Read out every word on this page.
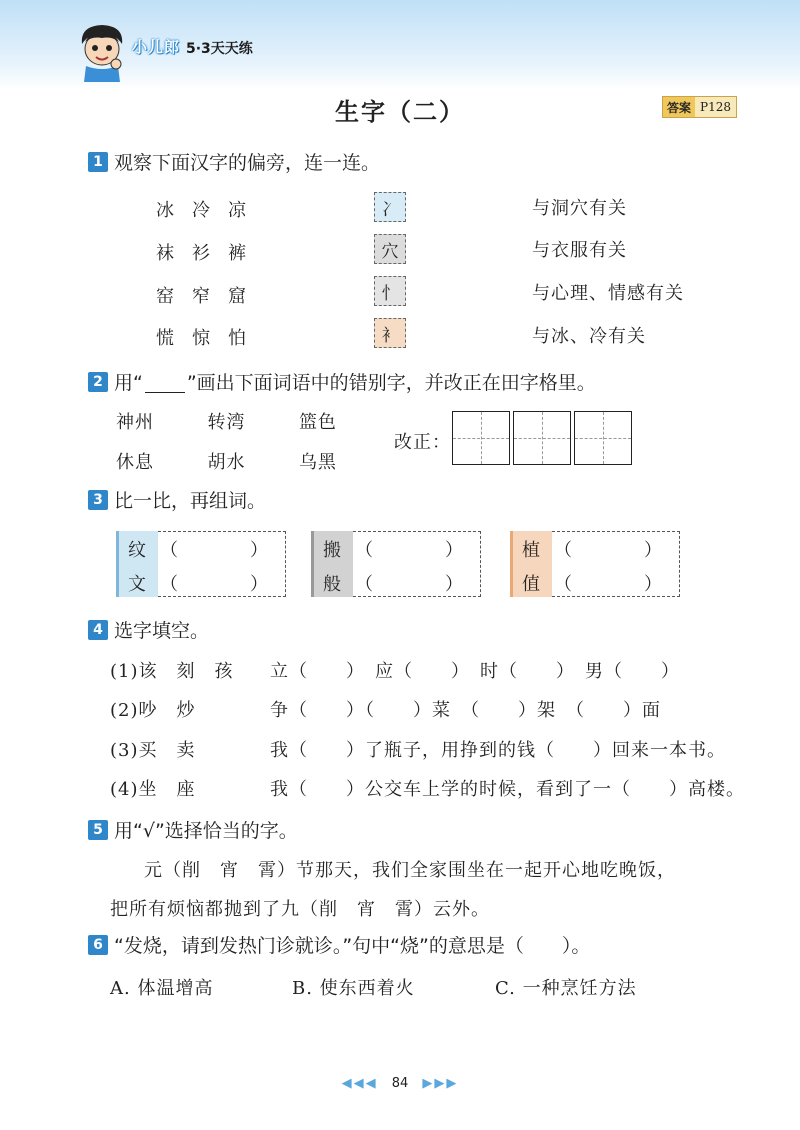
小儿郎 5·3天天练
生字（二）	答案 P128
1 观察下面汉字的偏旁，连一连。
冰 冷 凉	冫	与洞穴有关
袜 衫 裤	穴	与衣服有关
窑 窄 窟	忄	与心理、情感有关
慌 惊 怕	衤	与冰、冷有关
2 用“ ”画出下面词语中的错别字，并改正在田字格里。
神州	转湾	篮色
休息	胡水	乌黑
改正：
3 比一比，再组词。
纹 （	）
文 （	）
搬 （	）
般 （	）
植 （	）
值 （	）
4 选字填空。
(1)该　刻　孩	立（　　）　应（　　）　时（　　）　男（　　）
(2)吵　炒	争（　　）（　　）菜　（　　）架　（　　）面
(3)买　卖	我（　　）了瓶子，用挣到的钱（　　）回来一本书。
(4)坐　座	我（　　）公交车上学的时候，看到了一（　　）高楼。
5 用“√”选择恰当的字。
元（削　宵　霄）节那天，我们全家围坐在一起开心地吃晚饭，
把所有烦恼都抛到了九（削　宵　霄）云外。
6 “发烧，请到发热门诊就诊。”句中“烧”的意思是（　　）。
A. 体温增高	B. 使东西着火	C. 一种烹饪方法
◀◀◀ 84 ▶▶▶
